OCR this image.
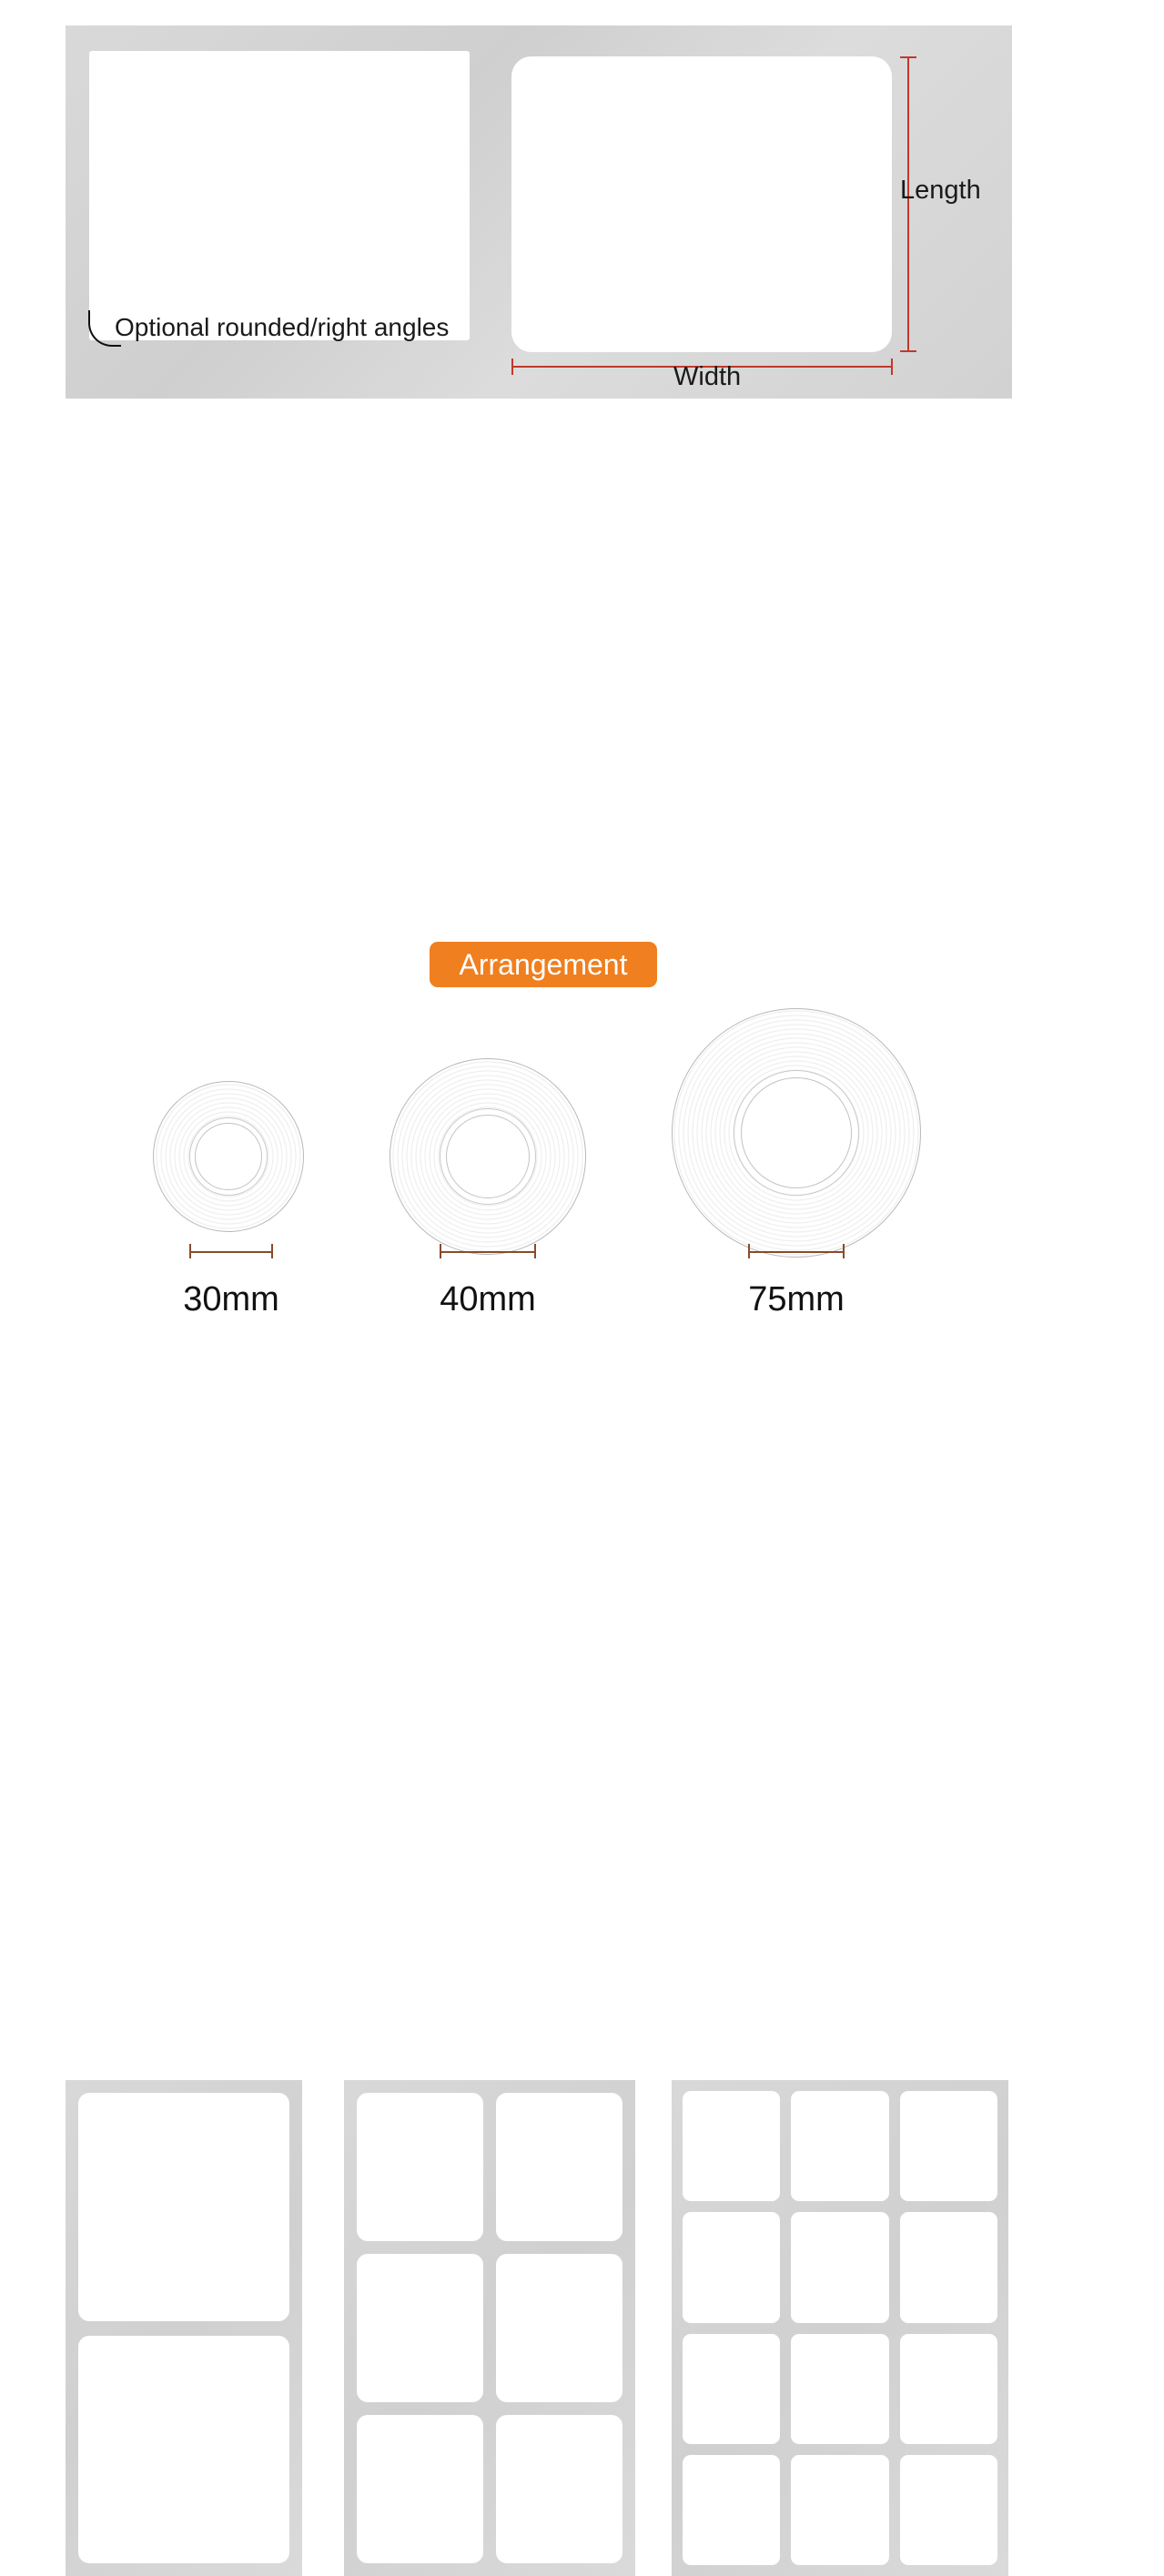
Optional rounded/right angles
Length
Width
30mm	40mm	75mm
Arrangement
